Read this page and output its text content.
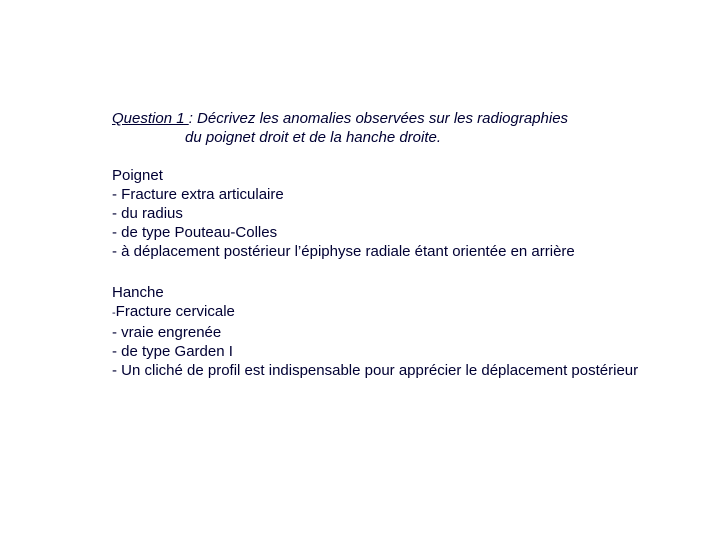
Question 1 : Décrivez les anomalies observées sur les radiographies
du poignet droit et de la hanche droite.
Poignet
- Fracture extra articulaire
- du radius
- de type Pouteau-Colles
- à déplacement postérieur l’épiphyse radiale étant orientée en arrière
Hanche
-Fracture cervicale
- vraie engrenée
- de type Garden I
- Un cliché de profil est indispensable pour apprécier le déplacement postérieur
